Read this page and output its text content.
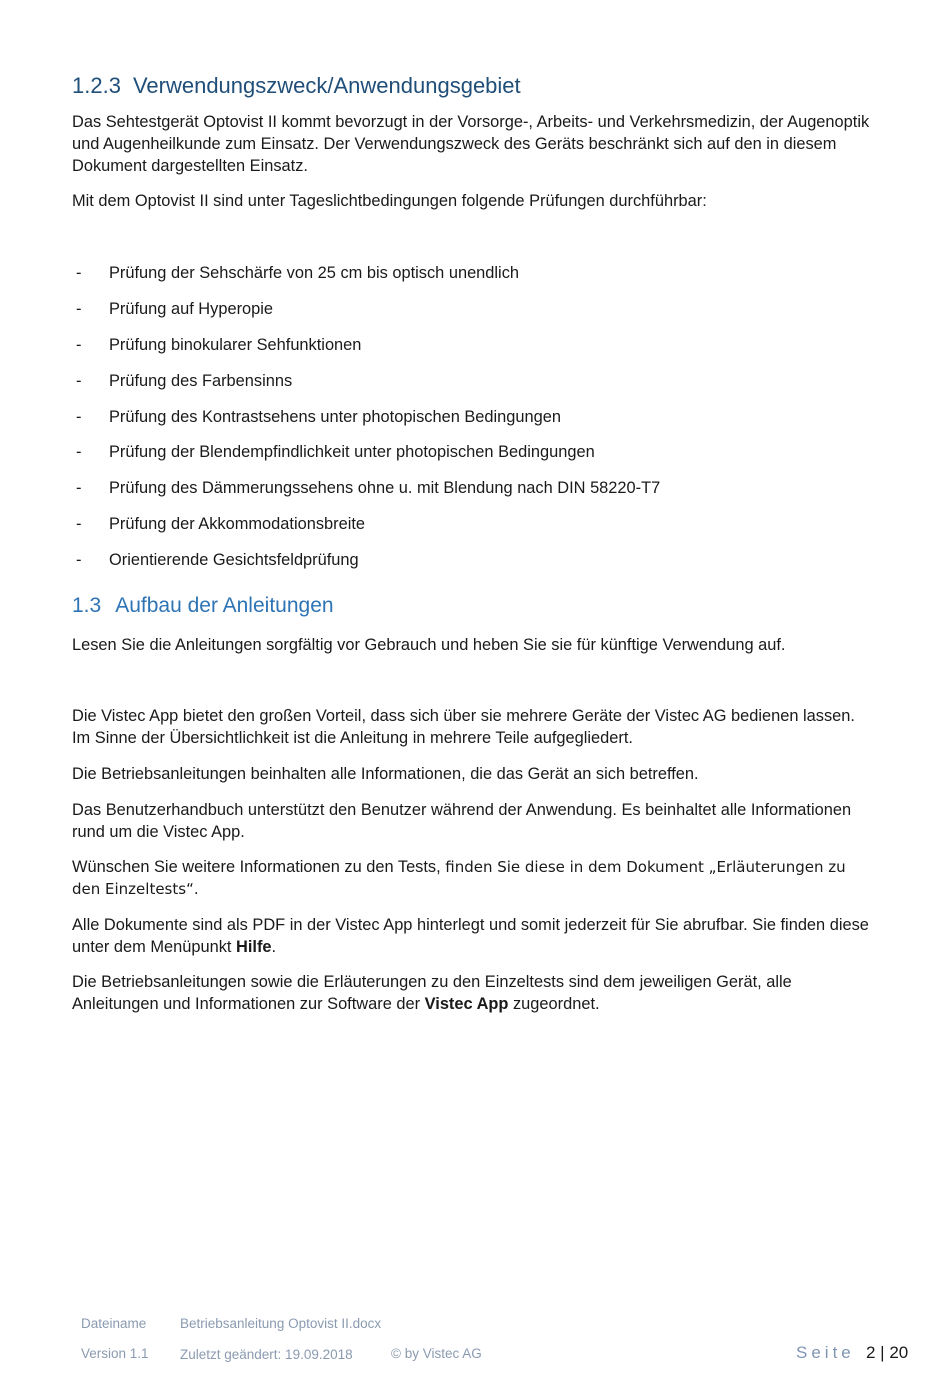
1.2.3 Verwendungszweck/Anwendungsgebiet

Das Sehtestgerät Optovist II kommt bevorzugt in der Vorsorge-, Arbeits- und Verkehrsmedizin, der Augenoptik und Augenheilkunde zum Einsatz. Der Verwendungszweck des Geräts beschränkt sich auf den in diesem Dokument dargestellten Einsatz.

Mit dem Optovist II sind unter Tageslichtbedingungen folgende Prüfungen durchführbar:

- Prüfung der Sehschärfe von 25 cm bis optisch unendlich
- Prüfung auf Hyperopie
- Prüfung binokularer Sehfunktionen
- Prüfung des Farbensinns
- Prüfung des Kontrastsehens unter photopischen Bedingungen
- Prüfung der Blendempfindlichkeit unter photopischen Bedingungen
- Prüfung des Dämmerungssehens ohne u. mit Blendung nach DIN 58220-T7
- Prüfung der Akkommodationsbreite
- Orientierende Gesichtsfeldprüfung
1.3 Aufbau der Anleitungen

Lesen Sie die Anleitungen sorgfältig vor Gebrauch und heben Sie sie für künftige Verwendung auf.

Die Vistec App bietet den großen Vorteil, dass sich über sie mehrere Geräte der Vistec AG bedienen lassen. Im Sinne der Übersichtlichkeit ist die Anleitung in mehrere Teile aufgegliedert.

Die Betriebsanleitungen beinhalten alle Informationen, die das Gerät an sich betreffen.

Das Benutzerhandbuch unterstützt den Benutzer während der Anwendung. Es beinhaltet alle Informationen rund um die Vistec App.

Wünschen Sie weitere Informationen zu den Tests, finden Sie diese in dem Dokument „Erläuterungen zu den Einzeltests“.

Alle Dokumente sind als PDF in der Vistec App hinterlegt und somit jederzeit für Sie abrufbar. Sie finden diese unter dem Menüpunkt Hilfe.

Die Betriebsanleitungen sowie die Erläuterungen zu den Einzeltests sind dem jeweiligen Gerät, alle Anleitungen und Informationen zur Software der Vistec App zugeordnet.

Dateiname Betriebsanleitung Optovist II.docx
Version 1.1 Zuletzt geändert: 19.09.2018	© by Vistec AG	Seite 2 | 20
